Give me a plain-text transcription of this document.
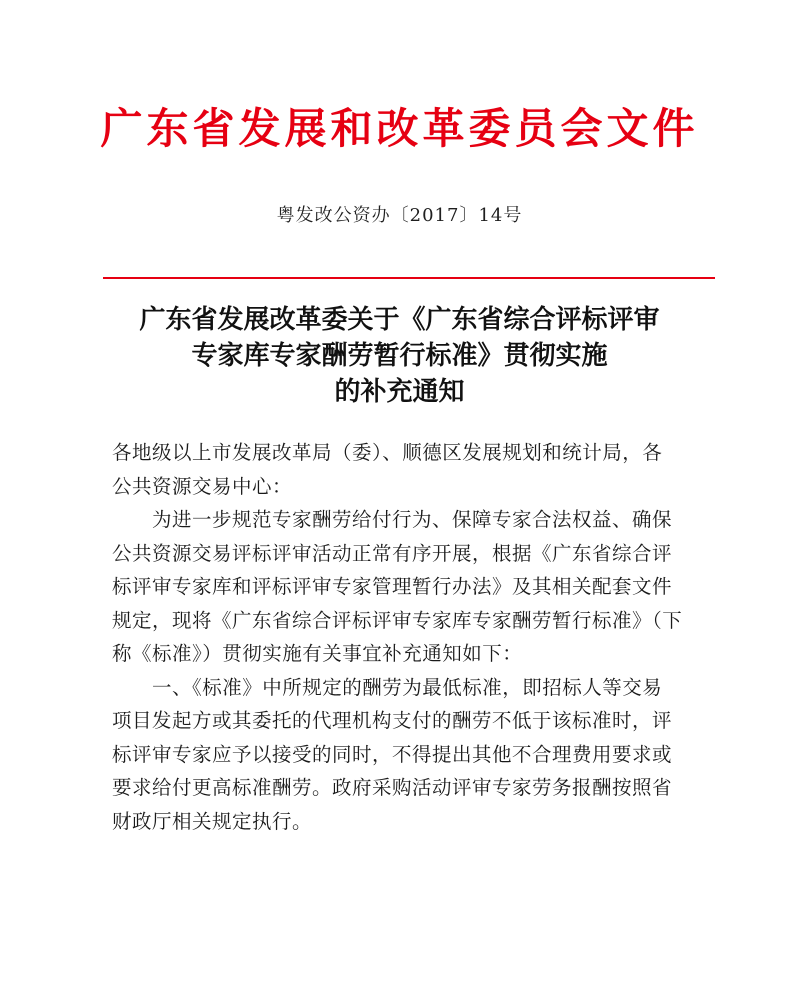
广东省发展和改革委员会文件
粤发改公资办〔2017〕14号
广东省发展改革委关于《广东省综合评标评审
专家库专家酬劳暂行标准》贯彻实施
的补充通知
各地级以上市发展改革局（委）、顺德区发展规划和统计局，各
公共资源交易中心：
为进一步规范专家酬劳给付行为、保障专家合法权益、确保
公共资源交易评标评审活动正常有序开展，根据《广东省综合评
标评审专家库和评标评审专家管理暂行办法》及其相关配套文件
规定，现将《广东省综合评标评审专家库专家酬劳暂行标准》（下
称《标准》）贯彻实施有关事宜补充通知如下：
一、《标准》中所规定的酬劳为最低标准，即招标人等交易
项目发起方或其委托的代理机构支付的酬劳不低于该标准时，评
标评审专家应予以接受的同时，不得提出其他不合理费用要求或
要求给付更高标准酬劳。政府采购活动评审专家劳务报酬按照省
财政厅相关规定执行。
